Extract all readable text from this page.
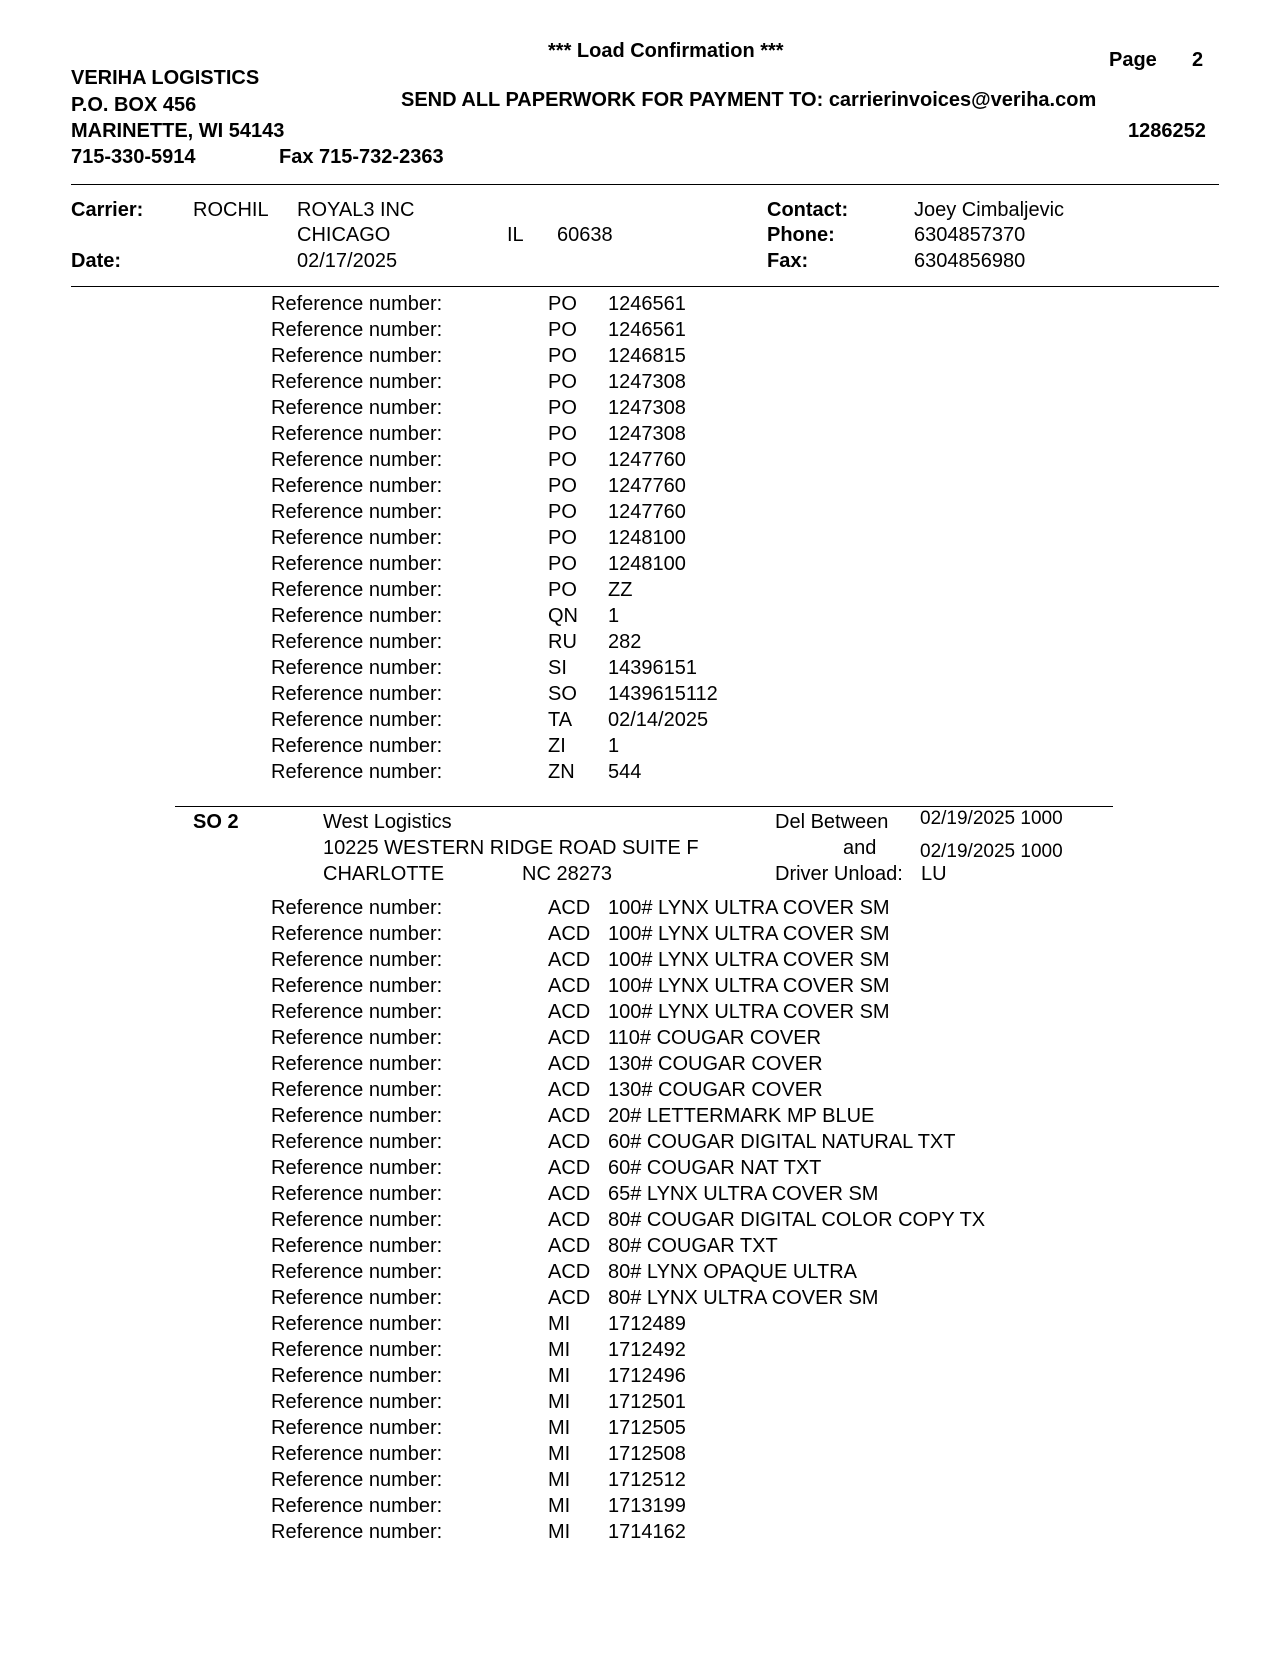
*** Load Confirmation ***	Page 2
VERIHA LOGISTICS
P.O. BOX 456
MARINETTE, WI 54143
715-330-5914	Fax 715-732-2363
SEND ALL PAPERWORK FOR PAYMENT TO: carrierinvoices@veriha.com
1286252
Carrier: ROCHIL ROYAL3 INC
CHICAGO	IL 60638
Date:	02/17/2025
Contact:	Joey Cimbaljevic
Phone:	6304857370
Fax:	6304856980
Reference number:	PO 1246561
Reference number:	PO 1246561
Reference number:	PO 1246815
Reference number:	PO 1247308
Reference number:	PO 1247308
Reference number:	PO 1247308
Reference number:	PO 1247760
Reference number:	PO 1247760
Reference number:	PO 1247760
Reference number:	PO 1248100
Reference number:	PO 1248100
Reference number:	PO ZZ
Reference number:	QN 1
Reference number:	RU 282
Reference number:	SI 14396151
Reference number:	SO 1439615112
Reference number:	TA 02/14/2025
Reference number:	ZI 1
Reference number:	ZN 544
SO 2	West Logistics
10225 WESTERN RIDGE ROAD SUITE F
CHARLOTTE	NC 28273
Del Between 02/19/2025 1000
and 02/19/2025 1000
Driver Unload: LU
Reference number:	ACD 100# LYNX ULTRA COVER SM
Reference number:	ACD 100# LYNX ULTRA COVER SM
Reference number:	ACD 100# LYNX ULTRA COVER SM
Reference number:	ACD 100# LYNX ULTRA COVER SM
Reference number:	ACD 100# LYNX ULTRA COVER SM
Reference number:	ACD 110# COUGAR COVER
Reference number:	ACD 130# COUGAR COVER
Reference number:	ACD 130# COUGAR COVER
Reference number:	ACD 20# LETTERMARK MP BLUE
Reference number:	ACD 60# COUGAR DIGITAL NATURAL TXT
Reference number:	ACD 60# COUGAR NAT TXT
Reference number:	ACD 65# LYNX ULTRA COVER SM
Reference number:	ACD 80# COUGAR DIGITAL COLOR COPY TX
Reference number:	ACD 80# COUGAR TXT
Reference number:	ACD 80# LYNX OPAQUE ULTRA
Reference number:	ACD 80# LYNX ULTRA COVER SM
Reference number:	MI 1712489
Reference number:	MI 1712492
Reference number:	MI 1712496
Reference number:	MI 1712501
Reference number:	MI 1712505
Reference number:	MI 1712508
Reference number:	MI 1712512
Reference number:	MI 1713199
Reference number:	MI 1714162
